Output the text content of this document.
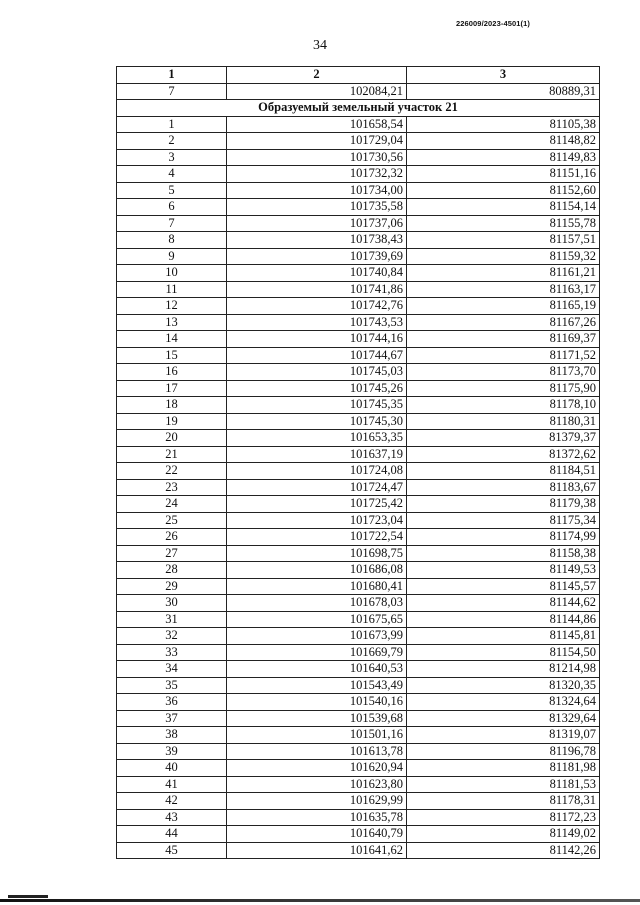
226009/2023-4501(1)
34
1	2	3
7	102084,21	80889,31
Образуемый земельный участок 21		
1	101658,54	81105,38
2	101729,04	81148,82
3	101730,56	81149,83
4	101732,32	81151,16
5	101734,00	81152,60
6	101735,58	81154,14
7	101737,06	81155,78
8	101738,43	81157,51
9	101739,69	81159,32
10	101740,84	81161,21
11	101741,86	81163,17
12	101742,76	81165,19
13	101743,53	81167,26
14	101744,16	81169,37
15	101744,67	81171,52
16	101745,03	81173,70
17	101745,26	81175,90
18	101745,35	81178,10
19	101745,30	81180,31
20	101653,35	81379,37
21	101637,19	81372,62
22	101724,08	81184,51
23	101724,47	81183,67
24	101725,42	81179,38
25	101723,04	81175,34
26	101722,54	81174,99
27	101698,75	81158,38
28	101686,08	81149,53
29	101680,41	81145,57
30	101678,03	81144,62
31	101675,65	81144,86
32	101673,99	81145,81
33	101669,79	81154,50
34	101640,53	81214,98
35	101543,49	81320,35
36	101540,16	81324,64
37	101539,68	81329,64
38	101501,16	81319,07
39	101613,78	81196,78
40	101620,94	81181,98
41	101623,80	81181,53
42	101629,99	81178,31
43	101635,78	81172,23
44	101640,79	81149,02
45	101641,62	81142,26
